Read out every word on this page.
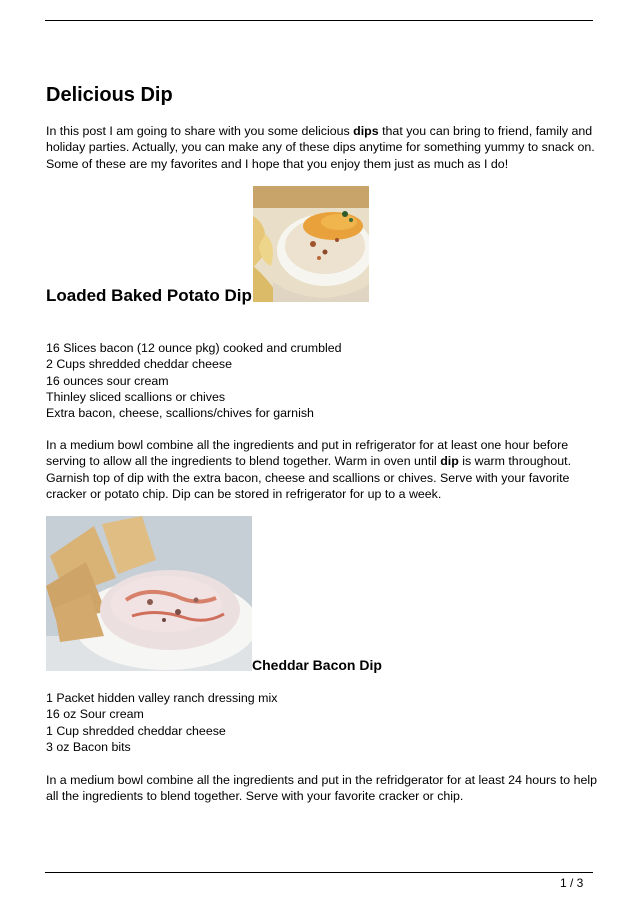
Delicious Dip

In this post I am going to share with you some delicious dips that you can bring to friend, family and holiday parties. Actually, you can make any of these dips anytime for something yummy to snack on. Some of these are my favorites and I hope that you enjoy them just as much as I do!

Loaded Baked Potato Dip
16 Slices bacon (12 ounce pkg) cooked and crumbled
2 Cups shredded cheddar cheese
16 ounces sour cream
Thinley sliced scallions or chives
Extra bacon, cheese, scallions/chives for garnish

In a medium bowl combine all the ingredients and put in refrigerator for at least one hour before serving to allow all the ingredients to blend together. Warm in oven until dip is warm throughout. Garnish top of dip with the extra bacon, cheese and scallions or chives. Serve with your favorite cracker or potato chip. Dip can be stored in refrigerator for up to a week.

Cheddar Bacon Dip
1 Packet hidden valley ranch dressing mix
16 oz Sour cream
1 Cup shredded cheddar cheese
3 oz Bacon bits

In a medium bowl combine all the ingredients and put in the refridgerator for at least 24 hours to help all the ingredients to blend together. Serve with your favorite cracker or chip.

1 / 3
